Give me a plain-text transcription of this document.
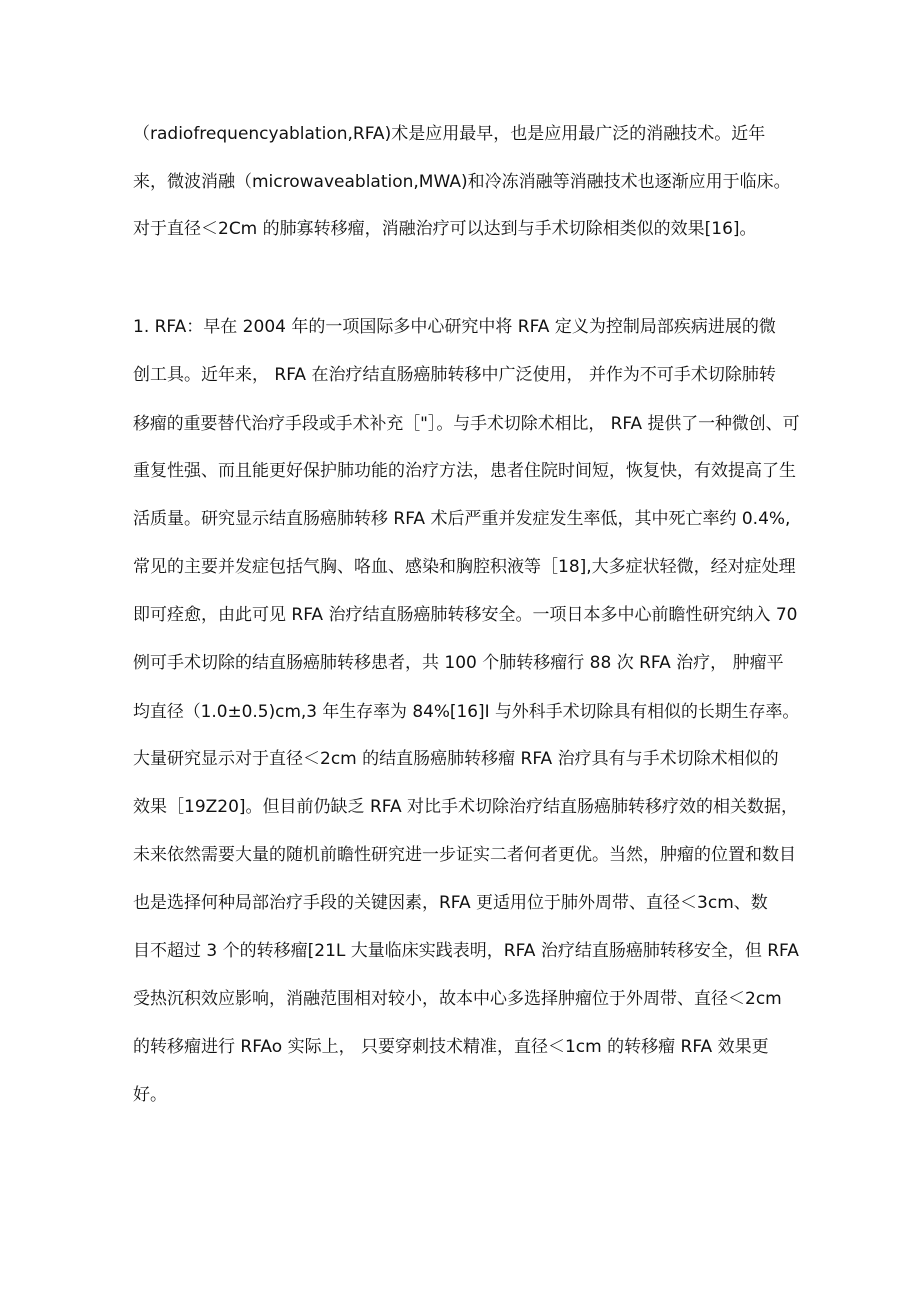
（radiofrequencyablation,RFA)术是应用最早，也是应用最广泛的消融技术。近年
来，微波消融（microwaveablation,MWA)和冷冻消融等消融技术也逐渐应用于临床。
对于直径＜2Cm 的肺寡转移瘤，消融治疗可以达到与手术切除相类似的效果[16]。
1. RFA：早在 2004 年的一项国际多中心研究中将 RFA 定义为控制局部疾病进展的微
创工具。近年来， RFA 在治疗结直肠癌肺转移中广泛使用， 并作为不可手术切除肺转
移瘤的重要替代治疗手段或手术补充［"］。与手术切除术相比， RFA 提供了一种微创、可
重复性强、而且能更好保护肺功能的治疗方法，患者住院时间短，恢复快，有效提高了生
活质量。研究显示结直肠癌肺转移 RFA 术后严重并发症发生率低，其中死亡率约 0.4%,
常见的主要并发症包括气胸、咯血、感染和胸腔积液等［18],大多症状轻微，经对症处理
即可痊愈，由此可见 RFA 治疗结直肠癌肺转移安全。一项日本多中心前瞻性研究纳入 70
例可手术切除的结直肠癌肺转移患者，共 100 个肺转移瘤行 88 次 RFA 治疗， 肿瘤平
均直径（1.0±0.5)cm,3 年生存率为 84%[16]I 与外科手术切除具有相似的长期生存率。
大量研究显示对于直径＜2cm 的结直肠癌肺转移瘤 RFA 治疗具有与手术切除术相似的
效果［19Z20]。但目前仍缺乏 RFA 对比手术切除治疗结直肠癌肺转移疗效的相关数据，
未来依然需要大量的随机前瞻性研究进一步证实二者何者更优。当然，肿瘤的位置和数目
也是选择何种局部治疗手段的关键因素，RFA 更适用位于肺外周带、直径＜3cm、数
目不超过 3 个的转移瘤[21L 大量临床实践表明，RFA 治疗结直肠癌肺转移安全，但 RFA
受热沉积效应影响，消融范围相对较小，故本中心多选择肿瘤位于外周带、直径＜2cm
的转移瘤进行 RFAo 实际上， 只要穿刺技术精准，直径＜1cm 的转移瘤 RFA 效果更
好。
